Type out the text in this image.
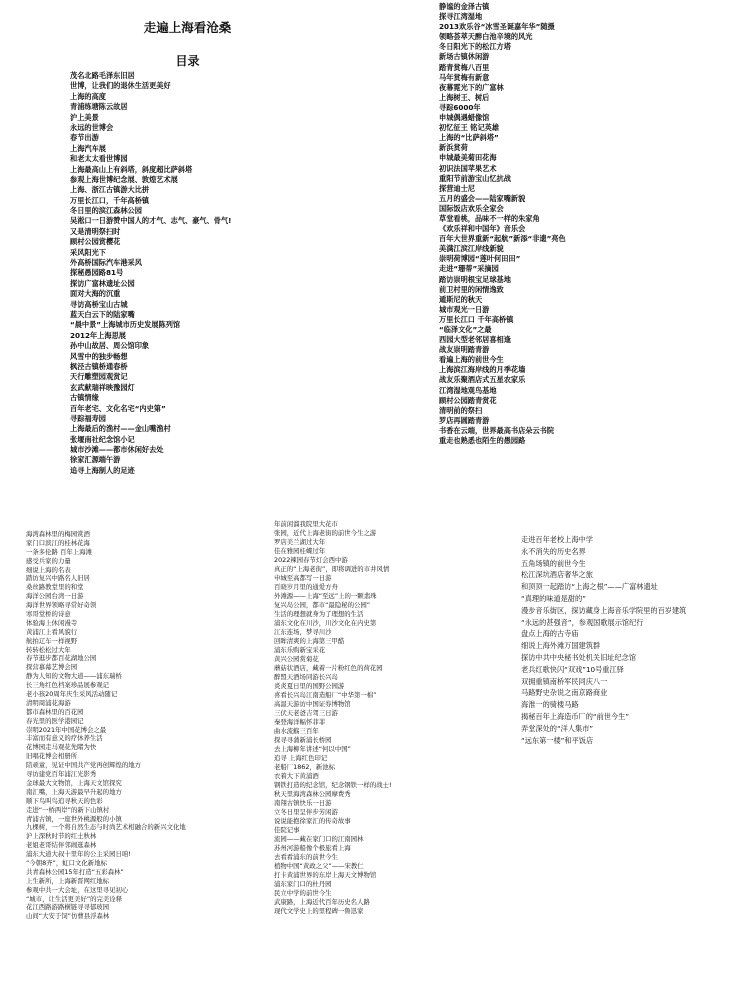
走遍上海看沧桑
目录
茂名北路毛泽东旧居
世博，让我们的退休生活更美好
上海的高度
青浦练塘陈云故居
沪上美景
永远的世博会
春节出游
上海汽车展
和老太太看世博园
上海最高山上有斜塔，斜度超比萨斜塔
参观上海世博纪念展、敦煌艺术展
上海、浙江古镇游大比拼
万里长江口，千年高桥镇
冬日里的滨江森林公园
吴淞口一日游赞中国人的才气、志气、豪气、骨气!
又是清明祭扫时
顾村公园赏樱花
采风阳光下
外高桥国际汽车港采风
探秘愚园路81号
探访广富林遗址公园
面对大海的沉重
寻访高桥宝山古城
蓝天白云下的陆家嘴
“晨中景”上海城市历史发展陈列馆
2012年上海思展
孙中山故居、周公馆印象
风雪中的独步畅想
枫泾古镇桥通春桥
天行雕塑园观赏记
玄武献瑞祥映豫园灯
古镇情缘
百年老宅、文化名宅“内史第”
寻踪福寿园
上海最后的渔村——金山嘴渔村
张堰南社纪念馆小记
城市沙滩——都市休闲好去处
徐家汇源端午游
追寻上海制人的足迹
静谧的金泽古镇
探寻江湾湿地
2013欢乐谷“冰雪圣诞嘉年华”随摄
领略荟萃天醉白池辛境的风光
冬日阳光下的松江方塔
新场古镇休闲游
踏青赏梅八百里
马年赏梅有新意
夜幕霓光下的广富林
上海树王、树后
寻踪6000年
申城偶遇蜡像馆
初忆征王 铭记英雄
上海的“比萨斜塔”
新浜赏荷
申城最美菊田花海
初识法国苹果艺术
重阳节前游宝山忆抗战
探营迪士尼
五月的盛会——陆家嘴新貌
国际饭店欢乐全家会
草堂看桃，品味不一样的朱家角
《欢乐祥和中国年》音乐会
百年大世界重新“起航”新添“非遗”亮色
美满江滨江岸线新貌
崇明荷博园“莲叶何田田”
走进“珊蒂”采摘园
踏访崇明根宝足球基地
前卫村里的闲情逸致
遁斯尼的秋天
城市观光一日游
万里长江口 千年高桥镇
“临泽文化”之最
西园大型老邻居喜相逢
战友崇明踏青游
看遍上海的前世今生
上海滨江海岸线的月季花墙
战友乐聚酒店式五星农家乐
江湾湿地观鸟基地
顾村公园踏青赏花
清明前的祭扫
罗店再圆踏青游
书香在云端，世界最高书店朵云书院
重走也熟悉也陌生的愚园路
海湾森林里的梅园赏酒
家门口滨江的桂林花海
一条多伦路 百年上海滩
感受兵家的力量
细说上海的名表
踏访复兴中路名人旧居
桑丝路教堂里的和堂
海洋公园台湾一日游
海洋世界领略寻常好奇领
寒哥堂桥的诗意
体验海上休闲漫寺
黄浦江上看风貌行
航拍辽车一样视野
转转松松过大年
春节逛步都百花湖地公园
探营慕幕艺博会园
静为人知的文物大道——浦东瑞桥
长三角红色档案珍品展参观记
老小孩20周年庆生采风活动随记
清明周浦花海游
都市森林里的百花园
春光里的医学港园记
崇明2021年中国花博会之最
丰富而有意义的疗休养生活
花博园走马观花先睹为快
旧唱花博会相册所
陪顽童，见证中国共产党再创辉煌的地方
寻访建党百年浦江光影秀
金球最大文物馆，上海天文馆探究
南汇嘴，上海天游最早升起的地方
顺下鸟叫鸟追寻秋天的色彩
走进“一桥两岸”的新下山镇村
青浦古镇，一座世外桃源般的小镇
九棵树，一个将自然生态与时尚艺术相融合的新兴文化地
沪上深秋时节的红土秋林
老姐老哥结伴邻闹逛森林
浦东大道大叔十里年的公主采园日咱!
“今朝8齐”，虹口文化新地标
共青森林公园15年打造“五彩森林”
上生新所，上海新晋网红地标
参观中共一大会址，在这里寻见初心
“城市，让生活更美好”的完美诠释
花江西路游路横链寻寻郁玻园
山间“大安于饲”仿曹县浮森林
年前闲溜我院里大花市
张园，近代上海老街的前世今生之游
罗店美兰湖过大年
佳在雅园桂蝶过年
2022辣园春节灯会西中游
真正的“上海老街”，即将调进的市井风情
申城至高都写一日游
百晓岁月里的通爱方舟
外滩源——上海“至远”上的一颗翡珠
复兴岛公园，都市“最隐秘的公园”
生活的理想就身为了理想的生活
浦东文化在川沙，川沙文化在内史第
江东连场，梦寻川沙
回眸清爽的上海第三甲酷
浦东乐购新宝采花
黄兴公园赏菊花
蘑菇状酒店，藏着一片粉红色的荷花园
醉盟天酒场同游长兴岛
炎炎夏日里的国野公园游
喜看长兴岛江南造船厂“中华第一棉”
高温天游访中国证券博物馆
三伏天老爸吉驾三日游
秦登海洋幅怀菲菲
曲水流觞三百年
探寻寻蒲新浦长桥园
去上海柳年讲述“何以中国”
追寻 上海红色印记
老船厂1862，新池标
衣着大下黄浦酒
钢铁打造的纪念馆，纪念钢铁一样的战士!
秋天里海湾森林公园摩费秀
南翔古镇快乐一日游
立冬日里呈伴步芳闲游
说说能抱徐家汇的传奇故事
佳院记事
流园——藏在家门口的江南园林
苏州河游船像个极旅看上海
去看看浦东的前世今生
植物中国“黄政之父”——宋教仁
打卡黄浦世界的东岸上海天文博物馆
浦东家门口的杜丹园
民立中学的前世今生
武康路，上海近代百年历史名人路
现代文学史上的里程碑一鲁迅家
走进百年老校上海中学
永不消失的历史名界
五角场镇的前世今生
松江深坑酒店奢华之旅
和顶顶一起踏访“上海之根”——广富林遗址
“真理的味道是甜的”
漫步音乐街区，探访藏身上海音乐学院里的百岁建筑
“永远的甚强音”，参观国歌展示馆纪行
盘点上海的古寺庙
细说上海外滩万国建筑群
探访中共中央秘书处机关旧址纪念馆
老兵红歌快闪“双戏”10号重江驿
双拥重镇南桥军民同庆八一
马路野史杂说之南京路商业
海淮一的骑楼马路
揭秘百年上海造币厂的“前世今生”
弄堂深处的“洋人集市”
“远东第一楼”和平饭店
